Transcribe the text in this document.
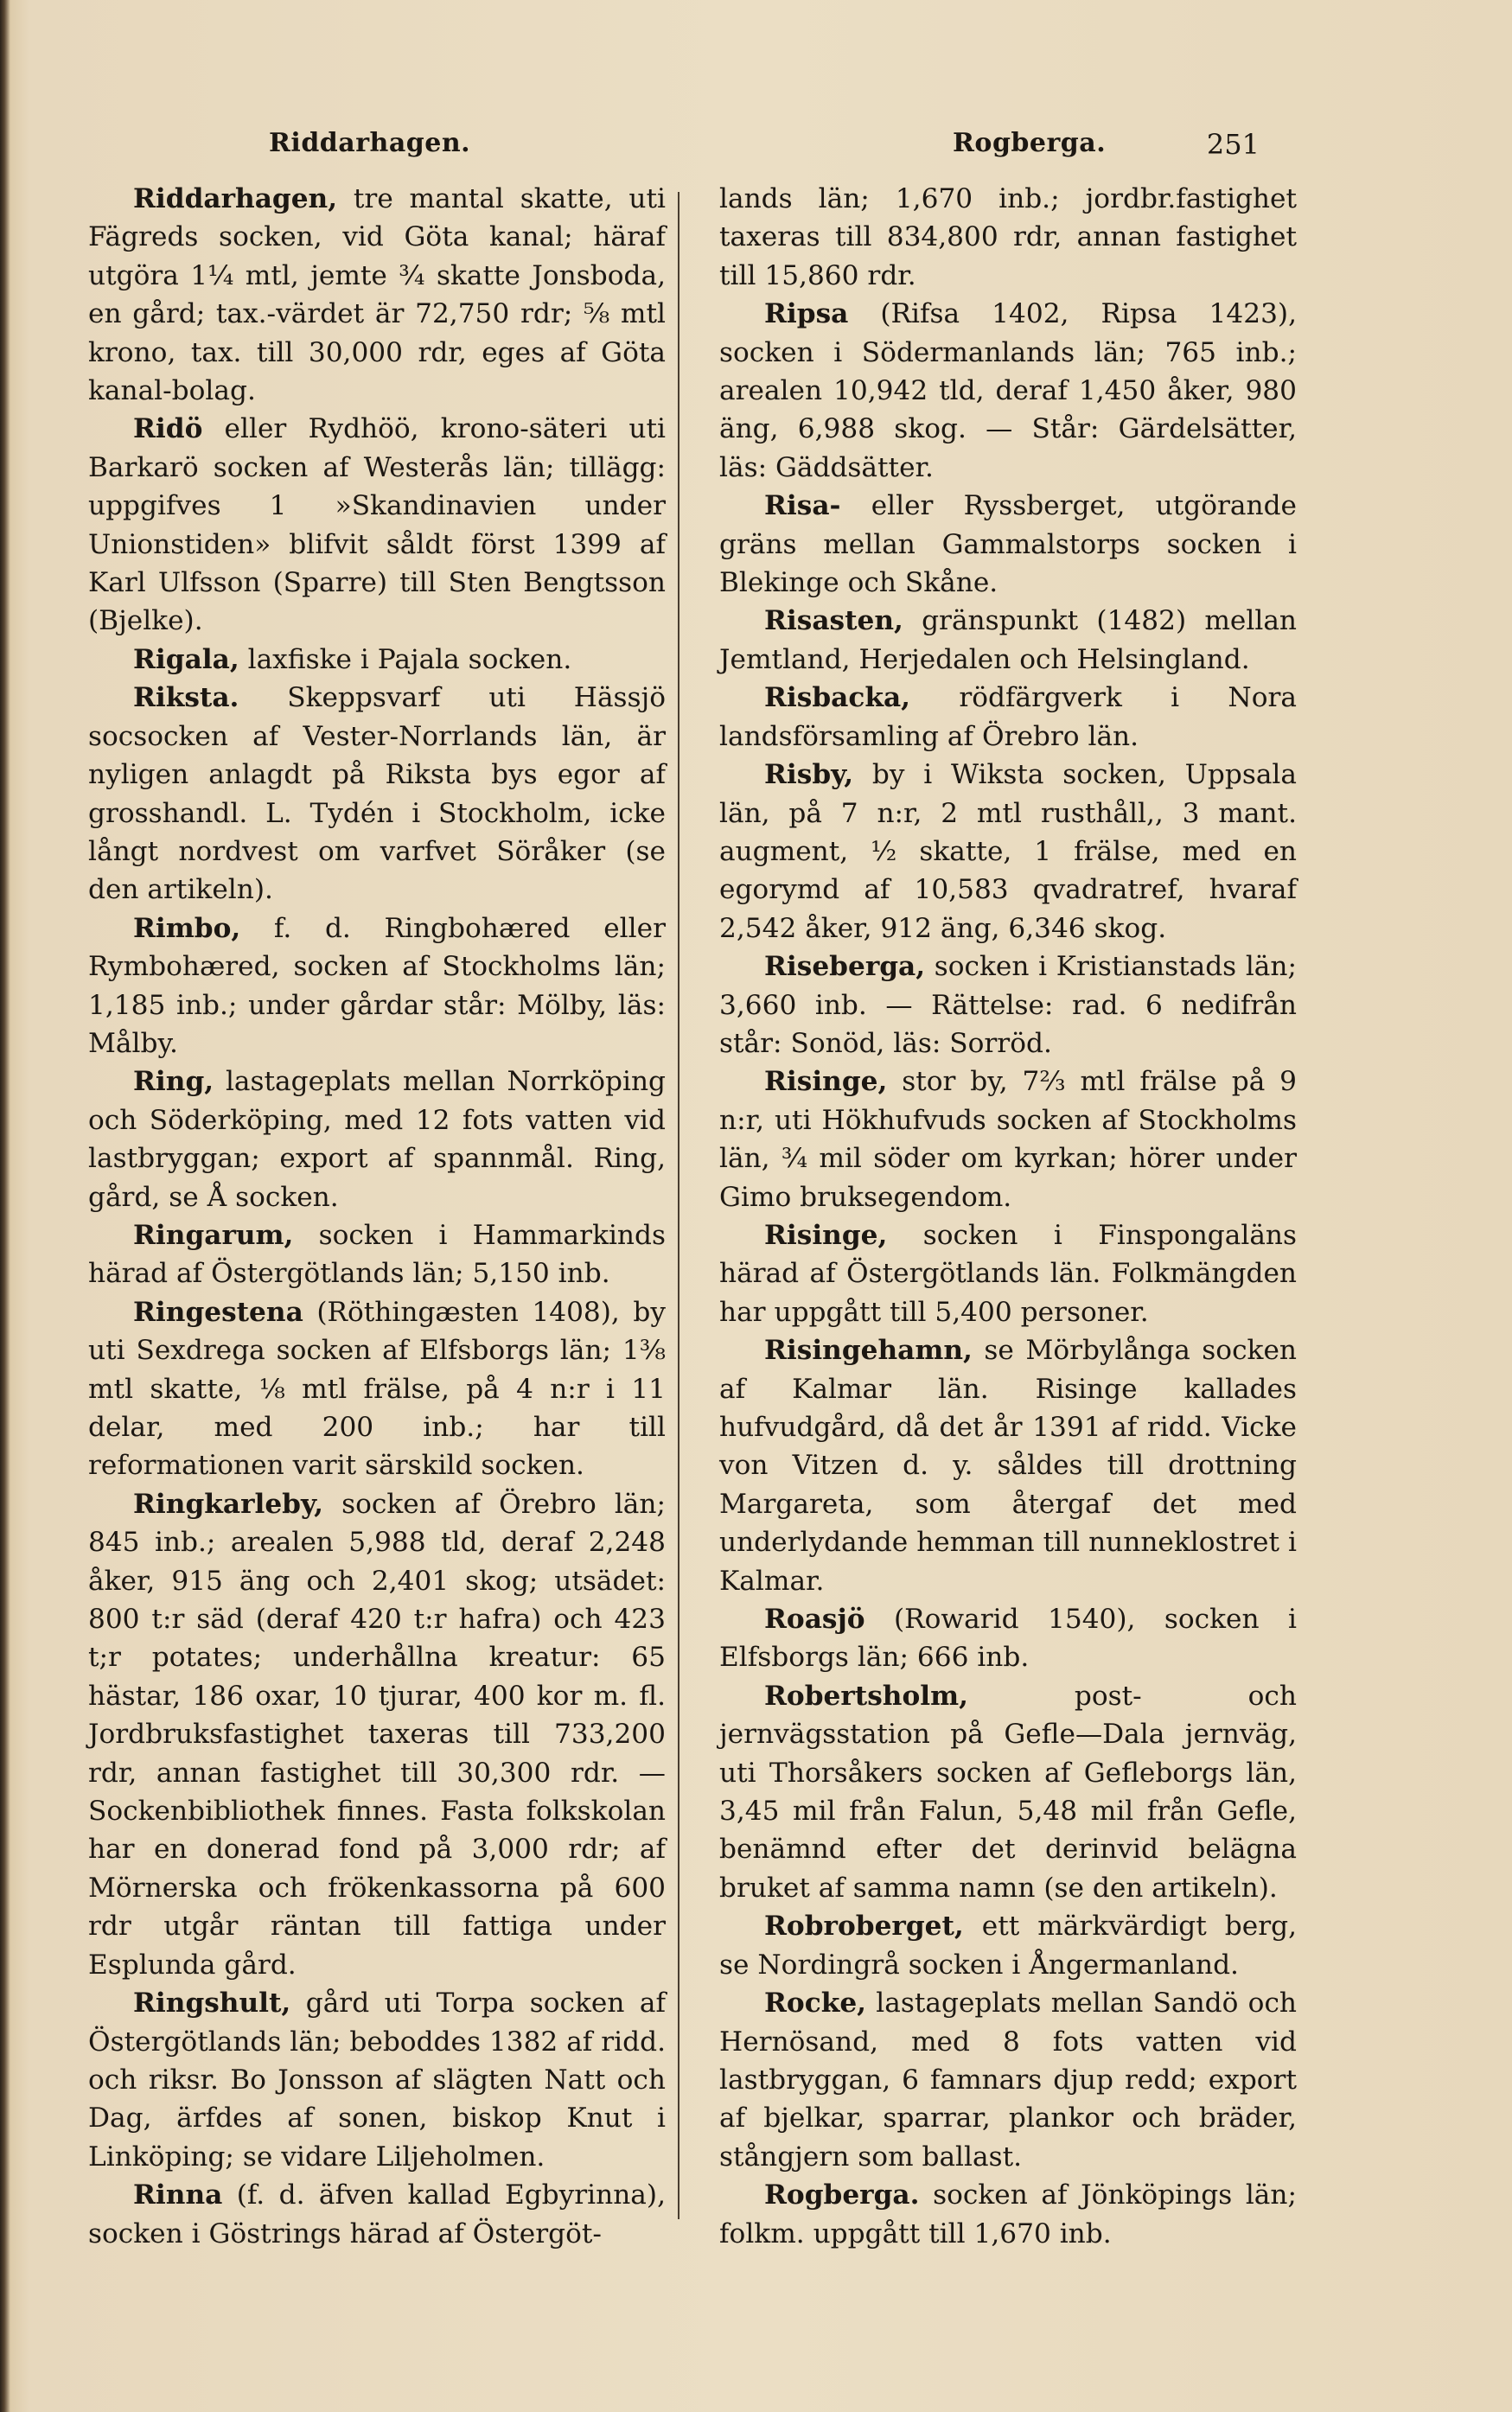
Riddarhagen.	Rogberga.	251

Riddarhagen, tre mantal skatte, uti Fägreds socken, vid Göta kanal; häraf utgöra 1¼ mtl, jemte ¾ skatte Jonsboda, en gård; tax.-värdet är 72,750 rdr; ⅝ mtl krono, tax. till 30,000 rdr, eges af Göta kanal-bolag.

Ridö eller Rydhöö, krono-säteri uti Barkarö socken af Westerås län; tillägg: uppgifves 1 »Skandinavien under Unionstiden» blifvit såldt först 1399 af Karl Ulfsson (Sparre) till Sten Bengtsson (Bjelke).

Rigala, laxfiske i Pajala socken.

Riksta. Skeppsvarf uti Hässjö socsocken af Vester-Norrlands län, är nyligen anlagdt på Riksta bys egor af grosshandl. L. Tydén i Stockholm, icke långt nordvest om varfvet Söråker (se den artikeln).

Rimbo, f. d. Ringbohæred eller Rymbohæred, socken af Stockholms län; 1,185 inb.; under gårdar står: Mölby, läs: Målby.

Ring, lastageplats mellan Norrköping och Söderköping, med 12 fots vatten vid lastbryggan; export af spannmål. Ring, gård, se Å socken.

Ringarum, socken i Hammarkinds härad af Östergötlands län; 5,150 inb.

Ringestena (Röthingæsten 1408), by uti Sexdrega socken af Elfsborgs län; 1⅜ mtl skatte, ⅛ mtl frälse, på 4 n:r i 11 delar, med 200 inb.; har till reformationen varit särskild socken.

Ringkarleby, socken af Örebro län; 845 inb.; arealen 5,988 tld, deraf 2,248 åker, 915 äng och 2,401 skog; utsädet: 800 t:r säd (deraf 420 t:r hafra) och 423 t;r potates; underhållna kreatur: 65 hästar, 186 oxar, 10 tjurar, 400 kor m. fl. Jordbruksfastighet taxeras till 733,200 rdr, annan fastighet till 30,300 rdr. — Sockenbibliothek finnes. Fasta folkskolan har en donerad fond på 3,000 rdr; af Mörnerska och frökenkassorna på 600 rdr utgår räntan till fattiga under Esplunda gård.

Ringshult, gård uti Torpa socken af Östergötlands län; beboddes 1382 af ridd. och riksr. Bo Jonsson af slägten Natt och Dag, ärfdes af sonen, biskop Knut i Linköping; se vidare Liljeholmen.

Rinna (f. d. äfven kallad Egbyrinna), socken i Göstrings härad af Östergöt-

lands län; 1,670 inb.; jordbr.fastighet taxeras till 834,800 rdr, annan fastighet till 15,860 rdr.

Ripsa (Rifsa 1402, Ripsa 1423), socken i Södermanlands län; 765 inb.; arealen 10,942 tld, deraf 1,450 åker, 980 äng, 6,988 skog. — Står: Gärdelsätter, läs: Gäddsätter.

Risa- eller Ryssberget, utgörande gräns mellan Gammalstorps socken i Blekinge och Skåne.

Risasten, gränspunkt (1482) mellan Jemtland, Herjedalen och Helsingland.

Risbacka, rödfärgverk i Nora landsförsamling af Örebro län.

Risby, by i Wiksta socken, Uppsala län, på 7 n:r, 2 mtl rusthåll,, 3 mant. augment, ½ skatte, 1 frälse, med en egorymd af 10,583 qvadratref, hvaraf 2,542 åker, 912 äng, 6,346 skog.

Riseberga, socken i Kristianstads län; 3,660 inb. — Rättelse: rad. 6 nedifrån står: Sonöd, läs: Sorröd.

Risinge, stor by, 7⅔ mtl frälse på 9 n:r, uti Hökhufvuds socken af Stockholms län, ¾ mil söder om kyrkan; hörer under Gimo bruksegendom.

Risinge, socken i Finspongaläns härad af Östergötlands län. Folkmängden har uppgått till 5,400 personer.

Risingehamn, se Mörbylånga socken af Kalmar län. Risinge kallades hufvudgård, då det år 1391 af ridd. Vicke von Vitzen d. y. såldes till drottning Margareta, som återgaf det med underlydande hemman till nunneklostret i Kalmar.

Roasjö (Rowarid 1540), socken i Elfsborgs län; 666 inb.

Robertsholm, post- och jernvägsstation på Gefle—Dala jernväg, uti Thorsåkers socken af Gefleborgs län, 3,45 mil från Falun, 5,48 mil från Gefle, benämnd efter det derinvid belägna bruket af samma namn (se den artikeln).

Robroberget, ett märkvärdigt berg, se Nordingrå socken i Ångermanland.

Rocke, lastageplats mellan Sandö och Hernösand, med 8 fots vatten vid lastbryggan, 6 famnars djup redd; export af bjelkar, sparrar, plankor och bräder, stångjern som ballast.

Rogberga. socken af Jönköpings län; folkm. uppgått till 1,670 inb.
